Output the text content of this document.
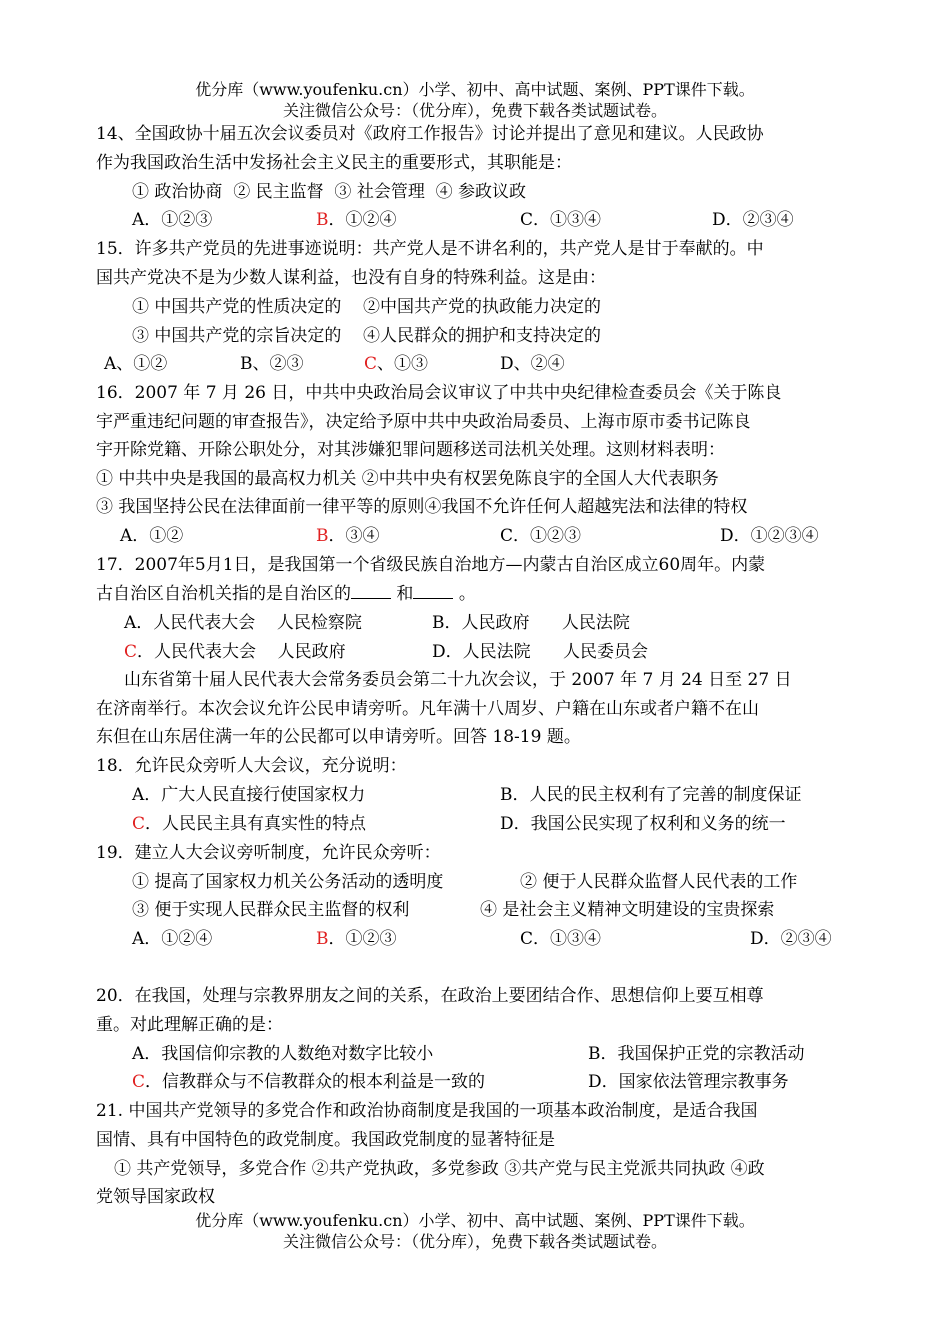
优分库（www.youfenku.cn）小学、初中、高中试题、案例、PPT课件下载。
关注微信公众号：（优分库），免费下载各类试题试卷。
14、全国政协十届五次会议委员对《政府工作报告》讨论并提出了意见和建议。人民政协
作为我国政治生活中发扬社会主义民主的重要形式，其职能是：
① 政治协商  ② 民主监督  ③ 社会管理  ④ 参政议政
A．①②③	B．①②④	C．①③④	D．②③④
15．许多共产党员的先进事迹说明：共产党人是不讲名利的，共产党人是甘于奉献的。中
国共产党决不是为少数人谋利益，也没有自身的特殊利益。这是由：
① 中国共产党的性质决定的    ②中国共产党的执政能力决定的
③ 中国共产党的宗旨决定的    ④人民群众的拥护和支持决定的
A、①②	B、②③	C、①③	D、②④
16．2007 年 7 月 26 日，中共中央政治局会议审议了中共中央纪律检查委员会《关于陈良
宇严重违纪问题的审查报告》，决定给予原中共中央政治局委员、上海市原市委书记陈良
宇开除党籍、开除公职处分，对其涉嫌犯罪问题移送司法机关处理。这则材料表明：
① 中共中央是我国的最高权力机关 ②中共中央有权罢免陈良宇的全国人大代表职务
③ 我国坚持公民在法律面前一律平等的原则④我国不允许任何人超越宪法和法律的特权
A．①②	B．③④	C．①②③	D．①②③④
17．2007年5月1日，是我国第一个省级民族自治地方—内蒙古自治区成立60周年。内蒙
古自治区自治机关指的是自治区的	和	。
A．人民代表大会    人民检察院	B．人民政府      人民法院
C．人民代表大会    人民政府	D．人民法院      人民委员会
山东省第十届人民代表大会常务委员会第二十九次会议，于 2007 年 7 月 24 日至 27 日
在济南举行。本次会议允许公民申请旁听。凡年满十八周岁、户籍在山东或者户籍不在山
东但在山东居住满一年的公民都可以申请旁听。回答 18-19 题。
18．允许民众旁听人大会议，充分说明：
A．广大人民直接行使国家权力	B．人民的民主权利有了完善的制度保证
C．人民民主具有真实性的特点	D．我国公民实现了权利和义务的统一
19．建立人大会议旁听制度，允许民众旁听：
① 提高了国家权力机关公务活动的透明度	② 便于人民群众监督人民代表的工作
③ 便于实现人民群众民主监督的权利	④ 是社会主义精神文明建设的宝贵探索
A．①②④	B．①②③	C．①③④	D．②③④
20．在我国，处理与宗教界朋友之间的关系，在政治上要团结合作、思想信仰上要互相尊
重。对此理解正确的是：
A．我国信仰宗教的人数绝对数字比较小	B．我国保护正党的宗教活动
C．信教群众与不信教群众的根本利益是一致的	D．国家依法管理宗教事务
21. 中国共产党领导的多党合作和政治协商制度是我国的一项基本政治制度，是适合我国
国情、具有中国特色的政党制度。我国政党制度的显著特征是
① 共产党领导，多党合作 ②共产党执政，多党参政 ③共产党与民主党派共同执政 ④政
党领导国家政权
优分库（www.youfenku.cn）小学、初中、高中试题、案例、PPT课件下载。
关注微信公众号：（优分库），免费下载各类试题试卷。
